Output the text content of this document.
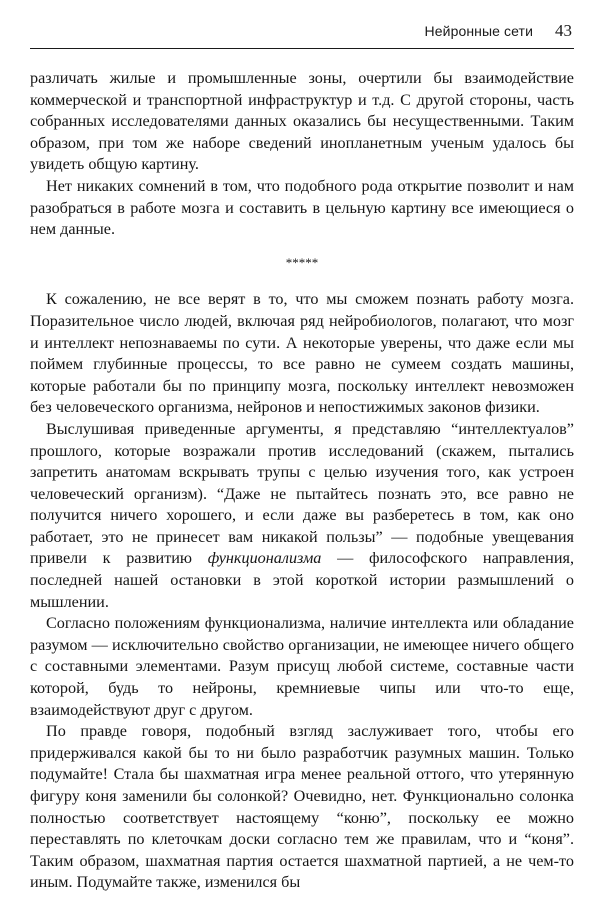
Нейронные сети 43

различать жилые и промышленные зоны, очертили бы взаимодействие коммерческой и транспортной инфраструктур и т.д. С другой стороны, часть собранных исследователями данных оказались бы несущественными. Таким образом, при том же наборе сведений инопланетным ученым удалось бы увидеть общую картину.

Нет никаких сомнений в том, что подобного рода открытие позволит и нам разобраться в работе мозга и составить в цельную картину все имеющиеся о нем данные.

*****

К сожалению, не все верят в то, что мы сможем познать работу мозга. Поразительное число людей, включая ряд нейробиологов, полагают, что мозг и интеллект непознаваемы по сути. А некоторые уверены, что даже если мы поймем глубинные процессы, то все равно не сумеем создать машины, которые работали бы по принципу мозга, поскольку интеллект невозможен без человеческого организма, нейронов и непостижимых законов физики.

Выслушивая приведенные аргументы, я представляю “интеллектуалов” прошлого, которые возражали против исследований (скажем, пытались запретить анатомам вскрывать трупы с целью изучения того, как устроен человеческий организм). “Даже не пытайтесь познать это, все равно не получится ничего хорошего, и если даже вы разберетесь в том, как оно работает, это не принесет вам никакой пользы” — подобные увещевания привели к развитию функционализма — философского направления, последней нашей остановки в этой короткой истории размышлений о мышлении.

Согласно положениям функционализма, наличие интеллекта или обладание разумом — исключительно свойство организации, не имеющее ничего общего с составными элементами. Разум присущ любой системе, составные части которой, будь то нейроны, кремниевые чипы или что-то еще, взаимодействуют друг с другом.

По правде говоря, подобный взгляд заслуживает того, чтобы его придерживался какой бы то ни было разработчик разумных машин. Только подумайте! Стала бы шахматная игра менее реальной оттого, что утерянную фигуру коня заменили бы солонкой? Очевидно, нет. Функционально солонка полностью соответствует настоящему “коню”, поскольку ее можно переставлять по клеточкам доски согласно тем же правилам, что и “коня”. Таким образом, шахматная партия остается шахматной партией, а не чем-то иным. Подумайте также, изменился бы
